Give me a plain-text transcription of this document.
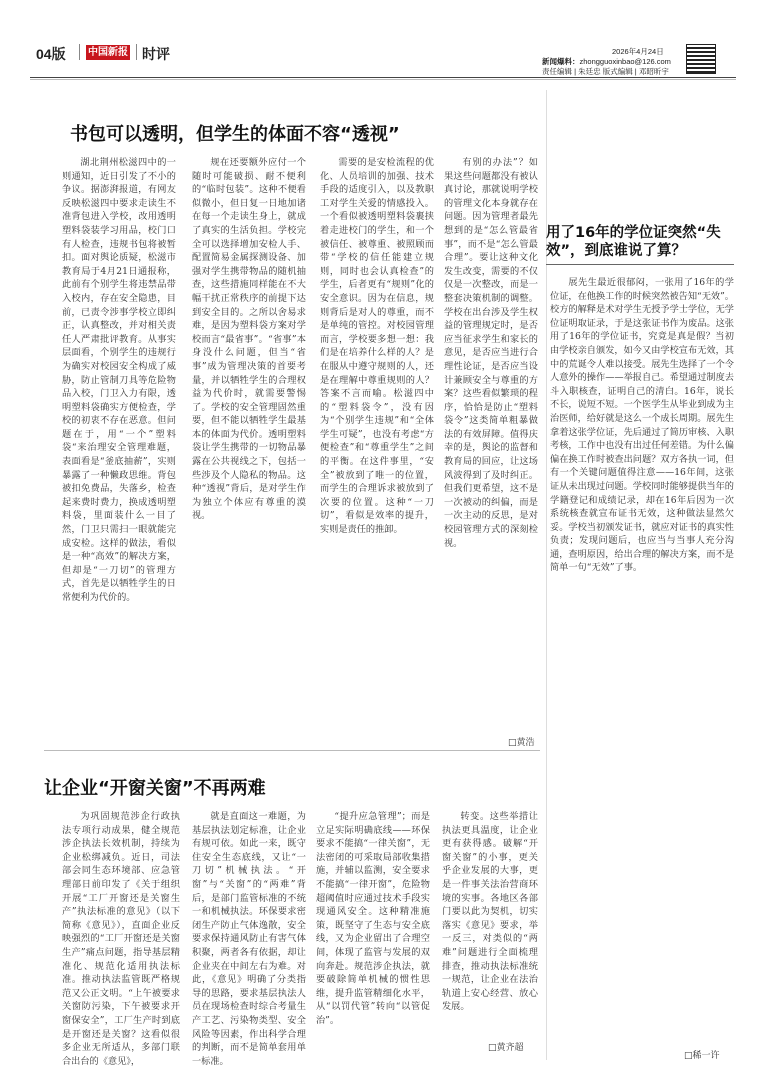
04版 中国新报 时评	2026年4月24日
新闻爆料：zhongguoxinbao@126.com
责任编辑 | 朱廷忠 版式编辑 | 邓昭昕宇
书包可以透明，但学生的体面不容“透视”

湖北荆州松滋四中的一则通知，近日引发了不小的争议。据澎湃报道，有网友反映松滋四中要求走读生不准背包进入学校，改用透明塑料袋装学习用品，校门口有人检查，违规书包将被暂扣。面对舆论质疑，松滋市教育局于4月21日通报称，此前有个别学生将违禁品带入校内，存在安全隐患，目前，已责令涉事学校立即纠正，认真整改，并对相关责任人严肃批评教育。从事实层面看，个别学生的违规行为确实对校园安全构成了威胁，防止管制刀具等危险物品入校，门卫入力有限，透明塑料袋确实方便检查，学校的初衷不存在恶意。但问题在于，用“一个”塑料袋“来治理安全管理难题，表面看是“釜底抽薪”，实则暴露了一种懒政思维。背包被扣免费品，失落乡，检查起来费时费力，换成透明塑料袋，里面装什么一目了然，门卫只需扫一眼就能完成安检。这样的做法，看似是一种“高效”的解决方案，但却是“一刀切”的管理方式，首先是以牺牲学生的日常便利为代价的。

规在还要额外应付一个随时可能破损、耐不便利的“临时包装”。这种不便看似微小，但日复一日地加诸在每一个走读生身上，就成了真实的生活负担。学校完全可以选择增加安检人手、配置简易金属探测设备、加强对学生携带物品的随机抽查，这些措施同样能在不大幅干扰正常秩序的前提下达到安全目的。之所以舍易求难，是因为塑料袋方案对学校而言“最省事”。“省事”本身没什么问题，但当“省事”成为管理决策的首要考量，并以牺牲学生的合理权益为代价时，就需要警惕了。学校的安全管理固然重要，但不能以牺牲学生最基本的体面为代价。透明塑料袋让学生携带的一切物品暴露在公共视线之下，包括一些涉及个人隐私的物品。这种“透视”背后，是对学生作为独立个体应有尊重的漠视。

需要的是安检流程的优化、人员培训的加强、技术手段的适度引入，以及教职工对学生关爱的情感投入。一个看似被透明塑料袋裹挟着走进校门的学生，和一个被信任、被尊重、被照顾而带“学校的信任能建立规则，同时也会认真检查”的学生，后者更有“规则”化的安全意识。因为在信息，规则背后是对人的尊重，而不是单纯的管控。对校园管理而言，学校要多想一想：我们是在培养什么样的人？是在服从中遵守规则的人，还是在理解中尊重规则的人？答案不言而喻。松滋四中的“塑料袋令”，没有因为“个别学生违规”和“全体学生可疑”，也没有考虑“方便检查”和“尊重学生”之间的平衡。在这件事里，“安全”被放到了唯一的位置，而学生的合理诉求被放到了次要的位置。这种“一刀切”，看似是效率的提升，实则是责任的推卸。

有别的办法”？如果这些问题都没有被认真讨论，那就说明学校的管理文化本身就存在问题。因为管理者最先想到的是“怎么管最省事”，而不是“怎么管最合理”。要让这种文化发生改变，需要的不仅仅是一次整改，而是一整套决策机制的调整。学校在出台涉及学生权益的管理规定时，是否应当征求学生和家长的意见，是否应当进行合理性论证，是否应当设计兼顾安全与尊重的方案？这些看似繁琐的程序，恰恰是防止“塑料袋令”这类简单粗暴做法的有效屏障。值得庆幸的是，舆论的监督和教育局的回应，让这场风波得到了及时纠正。但我们更希望，这不是一次被动的纠偏，而是一次主动的反思，是对校园管理方式的深刻检视。

□黄浩
让企业“开窗关窗”不再两难

为巩固规范涉企行政执法专项行动成果，健全规范涉企执法长效机制，持续为企业松绑减负。近日，司法部会同生态环境部、应急管理部日前印发了《关于组织开展“工厂开窗还是关窗生产”执法标准的意见》（以下简称《意见》），直面企业反映强烈的“工厂开窗还是关窗生产”痛点问题，指导基层精准化、规范化适用执法标准。推动执法监管既严格规范又公正文明。“上午被要求关窗防污染，下午被要求开窗保安全”，工厂生产时到底是开窗还是关窗？这看似很多企业无所适从，多部门联合出台的《意见》，

就是直面这一难题，为基层执法划定标准，让企业有规可依。如此一来，既守住安全生态底线，又让“一刀切”机械执法。“开窗”与“关窗”的“两难”背后，是部门监管标准的不统一和机械执法。环保要求密闭生产防止气体逸散，安全要求保持通风防止有害气体积聚，两者各有依据，却让企业夹在中间左右为难。对此，《意见》明确了分类指导的思路，要求基层执法人员在现场检查时综合考量生产工艺、污染物类型、安全风险等因素，作出科学合理的判断，而不是简单套用单一标准。

“提升应急管理”；而是立足实际明确底线——环保要求不能搞“一律关窗”，无法密闭的可采取局部收集措施，并辅以监测，安全要求不能搞“一律开窗”，危险物超阈值时应通过技术手段实现通风安全。这种精准施策，既坚守了生态与安全底线，又为企业留出了合理空间，体现了监管与发展的双向奔赴。规范涉企执法，就要破除简单机械的惯性思维，提升监管精细化水平，从“以罚代管”转向“以管促治”。

转变。这些举措让执法更具温度，让企业更有获得感。破解“开窗关窗”的小事，更关乎企业发展的大事，更是一件事关法治营商环境的实事。各地区各部门要以此为契机，切实落实《意见》要求，举一反三，对类似的“两难”问题进行全面梳理排查，推动执法标准统一规范，让企业在法治轨道上安心经营、放心发展。

□黄齐超
用了16年的学位证突然“失效”，到底谁说了算？

展先生最近很郁闷，一张用了16年的学位证，在他换工作的时候突然被告知“无效”。校方的解释是术对学生无授予学士学位，无学位证明取证录，于是这张证书作为废品。这张用了16年的学位证书，究竟是真是假？当初由学校亲自颁发，如今又由学校宣布无效，其中的荒诞令人难以接受。展先生选择了一个令人意外的操作——举报自己。希望通过制度去斗入职核查，证明自己的清白。16年，说长不长，说短不短。一个医学生从毕业到成为主治医师，给好就是这么一个成长周期。展先生拿着这张学位证，先后通过了简历审核、入职考核，工作中也没有出过任何差错。为什么偏偏在换工作时被查出问题？双方各执一词，但有一个关键问题值得注意——16年间，这张证从未出现过问题。学校同时能够提供当年的学籍登记和成绩记录，却在16年后因为一次系统核查就宣布证书无效，这种做法显然欠妥。学校当初颁发证书，就应对证书的真实性负责；发现问题后，也应当与当事人充分沟通，查明原因，给出合理的解决方案，而不是简单一句“无效”了事。

□稀一许
